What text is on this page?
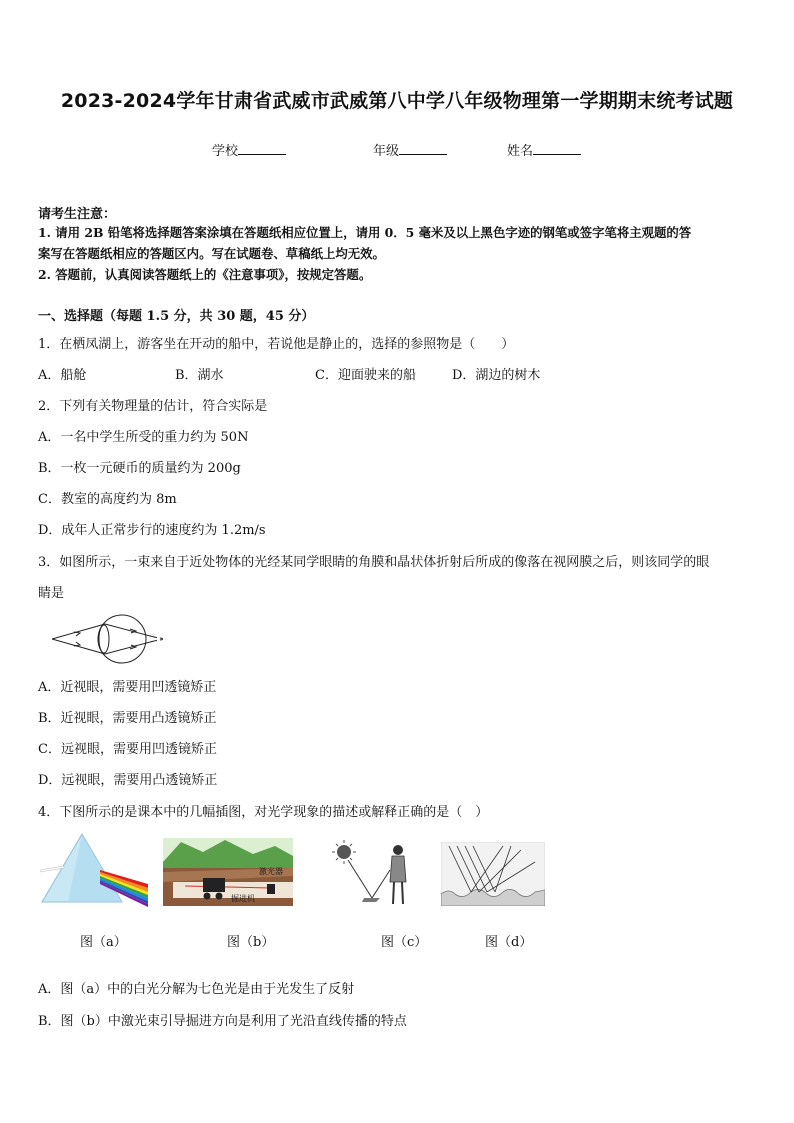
2023-2024学年甘肃省武威市武威第八中学八年级物理第一学期期末统考试题
学校	年级	姓名
请考生注意：
1. 请用 2B 铅笔将选择题答案涂填在答题纸相应位置上，请用 0．5 毫米及以上黑色字迹的钢笔或签字笔将主观题的答
案写在答题纸相应的答题区内。写在试题卷、草稿纸上均无效。
2. 答题前，认真阅读答题纸上的《注意事项》，按规定答题。
一、选择题（每题 1.5 分，共 30 题，45 分）
1．在栖凤湖上，游客坐在开动的船中，若说他是静止的，选择的参照物是（　　）
A．船舱	B．湖水	C．迎面驶来的船	D．湖边的树木
2．下列有关物理量的估计，符合实际是
A．一名中学生所受的重力约为 50N
B．一枚一元硬币的质量约为 200g
C．教室的高度约为 8m
D．成年人正常步行的速度约为 1.2m/s
3．如图所示，一束来自于近处物体的光经某同学眼睛的角膜和晶状体折射后所成的像落在视网膜之后，则该同学的眼
睛是
A．近视眼，需要用凹透镜矫正
B．近视眼，需要用凸透镜矫正
C．远视眼，需要用凹透镜矫正
D．远视眼，需要用凸透镜矫正
4．下图所示的是课本中的几幅插图，对光学现象的描述或解释正确的是（　）
激光器
掘进机
图（a）	图（b）	图（c）	图（d）
A．图（a）中的白光分解为七色光是由于光发生了反射
B．图（b）中激光束引导掘进方向是利用了光沿直线传播的特点
